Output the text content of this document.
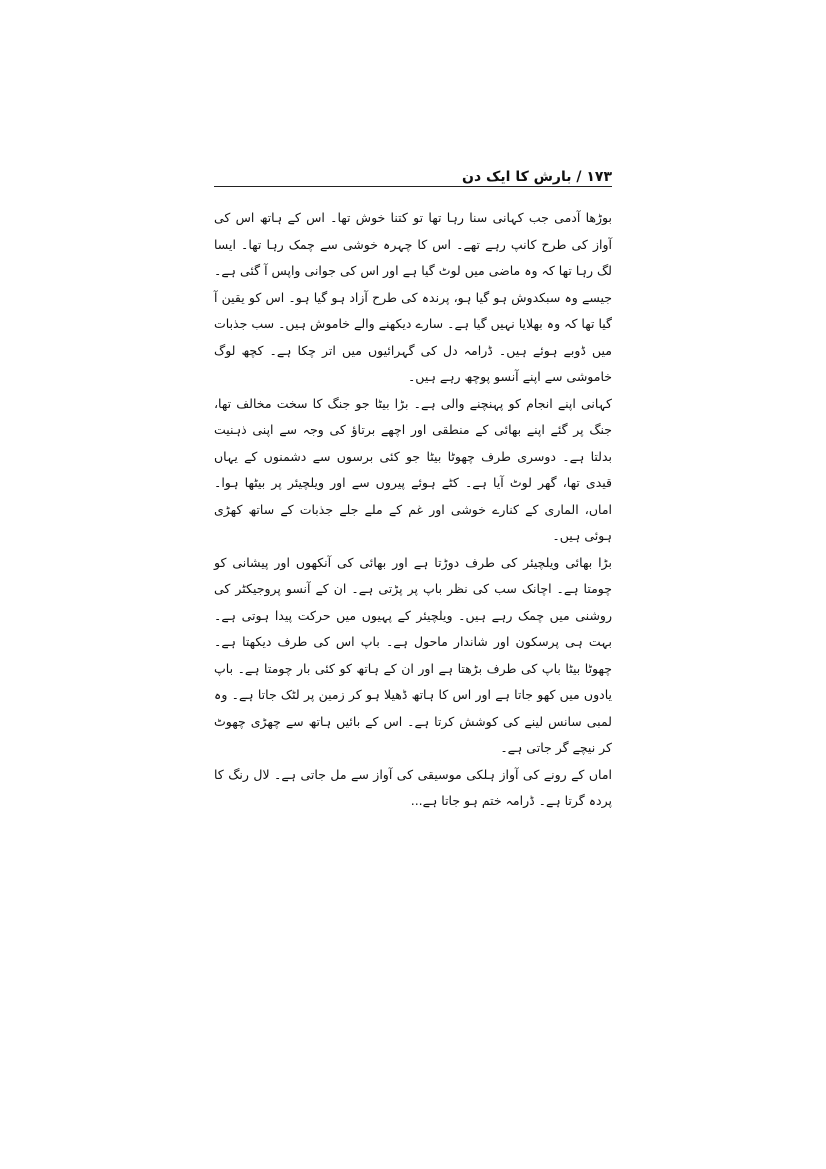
۱۷۳ / بارش کا ایک دن

بوڑھا آدمی جب کہانی سنا رہا تھا تو کتنا خوش تھا۔ اس کے ہاتھ اس کی آواز کی طرح کانپ رہے تھے۔ اس کا چہرہ خوشی سے چمک رہا تھا۔ ایسا لگ رہا تھا کہ وہ ماضی میں لوٹ گیا ہے اور اس کی جوانی واپس آ گئی ہے۔ جیسے وہ سبکدوش ہو گیا ہو، پرندہ کی طرح آزاد ہو گیا ہو۔ اس کو یقین آ گیا تھا کہ وہ بھلایا نہیں گیا ہے۔ سارے دیکھنے والے خاموش ہیں۔ سب جذبات میں ڈوبے ہوئے ہیں۔ ڈرامہ دل کی گہرائیوں میں اتر چکا ہے۔ کچھ لوگ خاموشی سے اپنے آنسو پوچھ رہے ہیں۔

کہانی اپنے انجام کو پہنچنے والی ہے۔ بڑا بیٹا جو جنگ کا سخت مخالف تھا، جنگ پر گئے اپنے بھائی کے منطقی اور اچھے برتاؤ کی وجہ سے اپنی ذہنیت بدلتا ہے۔ دوسری طرف چھوٹا بیٹا جو کئی برسوں سے دشمنوں کے یہاں قیدی تھا، گھر لوٹ آیا ہے۔ کٹے ہوئے پیروں سے اور ویلچیئر پر بیٹھا ہوا۔ اماں، الماری کے کنارے خوشی اور غم کے ملے جلے جذبات کے ساتھ کھڑی ہوئی ہیں۔

بڑا بھائی ویلچیئر کی طرف دوڑتا ہے اور بھائی کی آنکھوں اور پیشانی کو چومتا ہے۔ اچانک سب کی نظر باپ پر پڑتی ہے۔ ان کے آنسو پروجیکٹر کی روشنی میں چمک رہے ہیں۔ ویلچیئر کے پہیوں میں حرکت پیدا ہوتی ہے۔ بہت ہی پرسکون اور شاندار ماحول ہے۔ باپ اس کی طرف دیکھتا ہے۔ چھوٹا بیٹا باپ کی طرف بڑھتا ہے اور ان کے ہاتھ کو کئی بار چومتا ہے۔ باپ یادوں میں کھو جاتا ہے اور اس کا ہاتھ ڈھیلا ہو کر زمین پر لٹک جاتا ہے۔ وہ لمبی سانس لینے کی کوشش کرتا ہے۔ اس کے بائیں ہاتھ سے چھڑی چھوٹ کر نیچے گر جاتی ہے۔

اماں کے رونے کی آواز ہلکی موسیقی کی آواز سے مل جاتی ہے۔ لال رنگ کا پردہ گرتا ہے۔ ڈرامہ ختم ہو جاتا ہے...
